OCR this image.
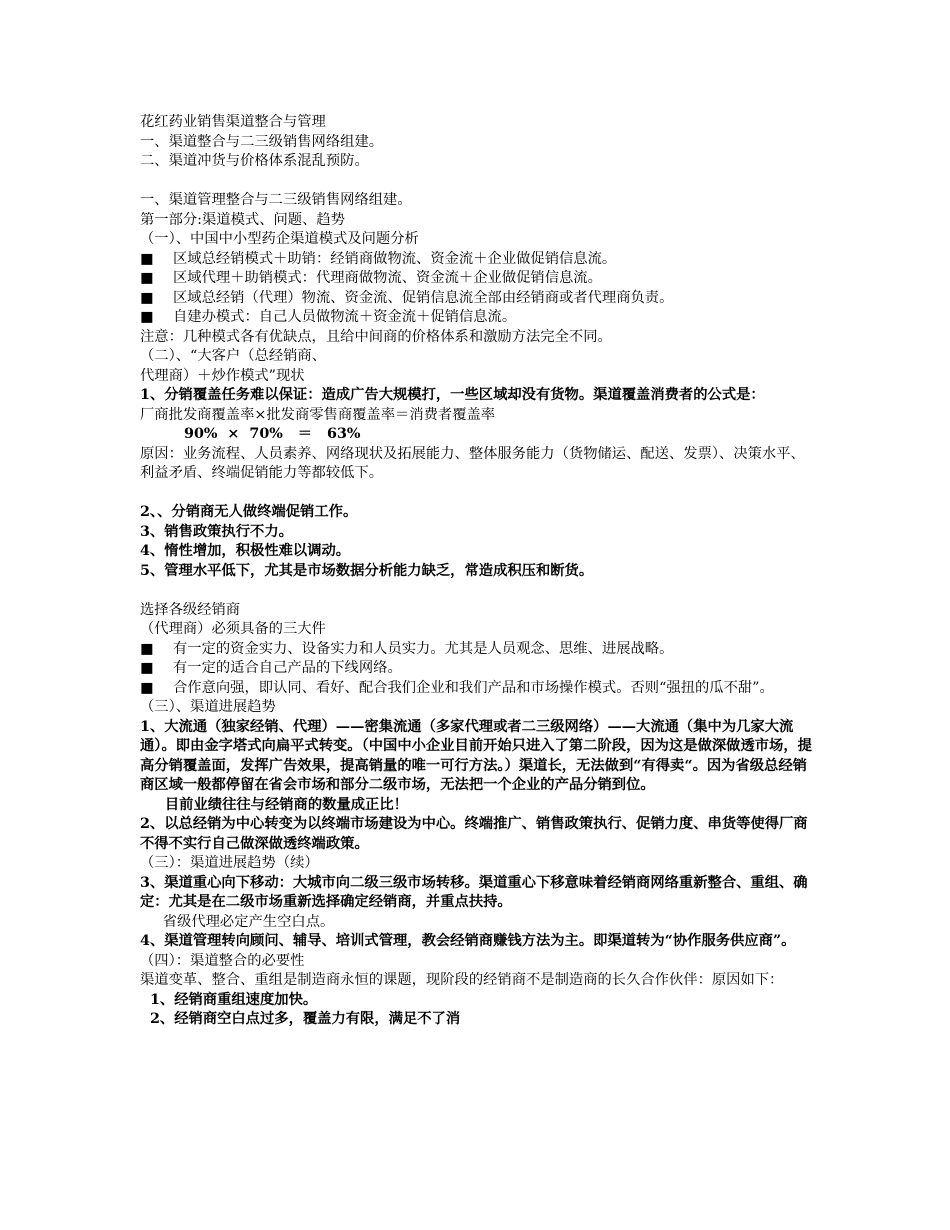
花红药业销售渠道整合与管理
一、渠道整合与二三级销售网络组建。
二、渠道冲货与价格体系混乱预防。
一、渠道管理整合与二三级销售网络组建。
第一部分:渠道模式、问题、趋势
（一）、中国中小型药企渠道模式及问题分析
■	区域总经销模式＋助销：经销商做物流、资金流＋企业做促销信息流。
■	区域代理＋助销模式：代理商做物流、资金流＋企业做促销信息流。
■	区域总经销（代理）物流、资金流、促销信息流全部由经销商或者代理商负责。
■	自建办模式：自己人员做物流＋资金流＋促销信息流。
注意：几种模式各有优缺点，且给中间商的价格体系和激励方法完全不同。
（二）、“大客户（总经销商、
代理商）＋炒作模式”现状
1、分销覆盖任务难以保证：造成广告大规模打，一些区域却没有货物。渠道覆盖消费者的公式是：
厂商批发商覆盖率×批发商零售商覆盖率＝消费者覆盖率
90%  ×  70%   ＝   63%
原因：业务流程、人员素养、网络现状及拓展能力、整体服务能力（货物储运、配送、发票）、决策水平、利益矛盾、终端促销能力等都较低下。
2、、分销商无人做终端促销工作。
3、销售政策执行不力。
4、惰性增加，积极性难以调动。
5、管理水平低下，尤其是市场数据分析能力缺乏，常造成积压和断货。
选择各级经销商
（代理商）必须具备的三大件
■	有一定的资金实力、设备实力和人员实力。尤其是人员观念、思维、进展战略。
■	有一定的适合自己产品的下线网络。
■ 合作意向强，即认同、看好、配合我们企业和我们产品和市场操作模式。否则“强扭的瓜不甜”。
（三）、渠道进展趋势
1、大流通（独家经销、代理）——密集流通（多家代理或者二三级网络）——大流通（集中为几家大流通）。即由金字塔式向扁平式转变。（中国中小企业目前开始只进入了第二阶段，因为这是做深做透市场，提高分销覆盖面，发挥广告效果，提高销量的唯一可行方法。）渠道长，无法做到“有得卖“。因为省级总经销商区域一般都停留在省会市场和部分二级市场，无法把一个企业的产品分销到位。
目前业绩往往与经销商的数量成正比！
2、以总经销为中心转变为以终端市场建设为中心。终端推广、销售政策执行、促销力度、串货等使得厂商不得不实行自己做深做透终端政策。
（三）：渠道进展趋势（续）
3、渠道重心向下移动：大城市向二级三级市场转移。渠道重心下移意味着经销商网络重新整合、重组、确定：尤其是在二级市场重新选择确定经销商，并重点扶持。
省级代理必定产生空白点。
4、渠道管理转向顾问、辅导、培训式管理，教会经销商赚钱方法为主。即渠道转为“协作服务供应商”。
（四）：渠道整合的必要性
渠道变革、整合、重组是制造商永恒的课题，现阶段的经销商不是制造商的长久合作伙伴：原因如下：
1、经销商重组速度加快。
2、经销商空白点过多，覆盖力有限，满足不了消
